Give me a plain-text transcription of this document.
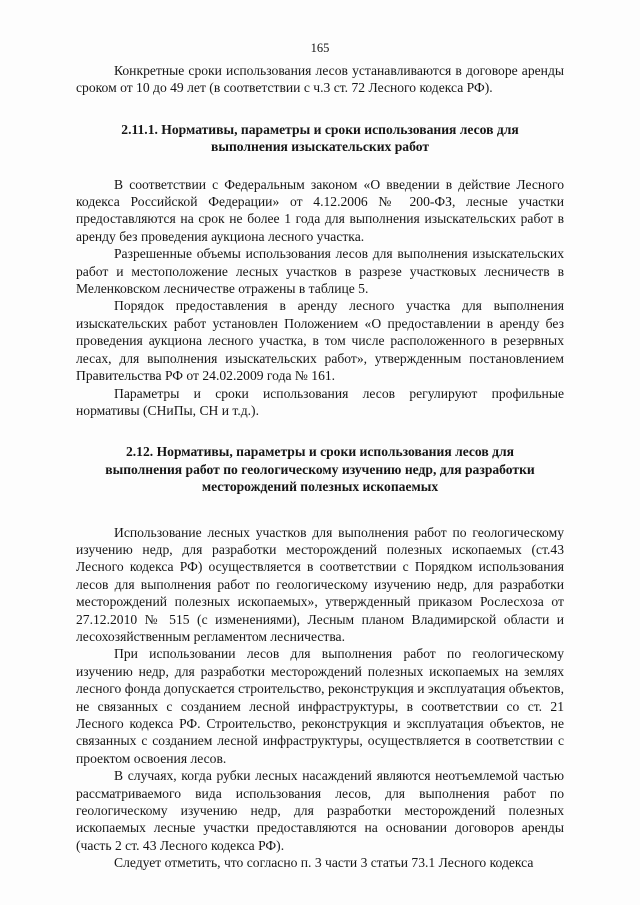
165

Конкретные сроки использования лесов устанавливаются в договоре аренды сроком от 10 до 49 лет (в соответствии с ч.3 ст. 72 Лесного кодекса РФ).

2.11.1. Нормативы, параметры и сроки использования лесов для выполнения изыскательских работ

В соответствии с Федеральным законом «О введении в действие Лесного кодекса Российской Федерации» от 4.12.2006 № 200-ФЗ, лесные участки предоставляются на срок не более 1 года для выполнения изыскательских работ в аренду без проведения аукциона лесного участка.

Разрешенные объемы использования лесов для выполнения изыскательских работ и местоположение лесных участков в разрезе участковых лесничеств в Меленковском лесничестве отражены в таблице 5.

Порядок предоставления в аренду лесного участка для выполнения изыскательских работ установлен Положением «О предоставлении в аренду без проведения аукциона лесного участка, в том числе расположенного в резервных лесах, для выполнения изыскательских работ», утвержденным постановлением Правительства РФ от 24.02.2009 года № 161.

Параметры и сроки использования лесов регулируют профильные нормативы (СНиПы, СН и т.д.).

2.12. Нормативы, параметры и сроки использования лесов для выполнения работ по геологическому изучению недр, для разработки месторождений полезных ископаемых

Использование лесных участков для выполнения работ по геологическому изучению недр, для разработки месторождений полезных ископаемых (ст.43 Лесного кодекса РФ) осуществляется в соответствии с Порядком использования лесов для выполнения работ по геологическому изучению недр, для разработки месторождений полезных ископаемых», утвержденный приказом Рослесхоза от 27.12.2010 № 515 (с изменениями), Лесным планом Владимирской области и лесохозяйственным регламентом лесничества.

При использовании лесов для выполнения работ по геологическому изучению недр, для разработки месторождений полезных ископаемых на землях лесного фонда допускается строительство, реконструкция и эксплуатация объектов, не связанных с созданием лесной инфраструктуры, в соответствии со ст. 21 Лесного кодекса РФ. Строительство, реконструкция и эксплуатация объектов, не связанных с созданием лесной инфраструктуры, осуществляется в соответствии с проектом освоения лесов.

В случаях, когда рубки лесных насаждений являются неотъемлемой частью рассматриваемого вида использования лесов, для выполнения работ по геологическому изучению недр, для разработки месторождений полезных ископаемых лесные участки предоставляются на основании договоров аренды (часть 2 ст. 43 Лесного кодекса РФ).

Следует отметить, что согласно п. 3 части 3 статьи 73.1 Лесного кодекса
